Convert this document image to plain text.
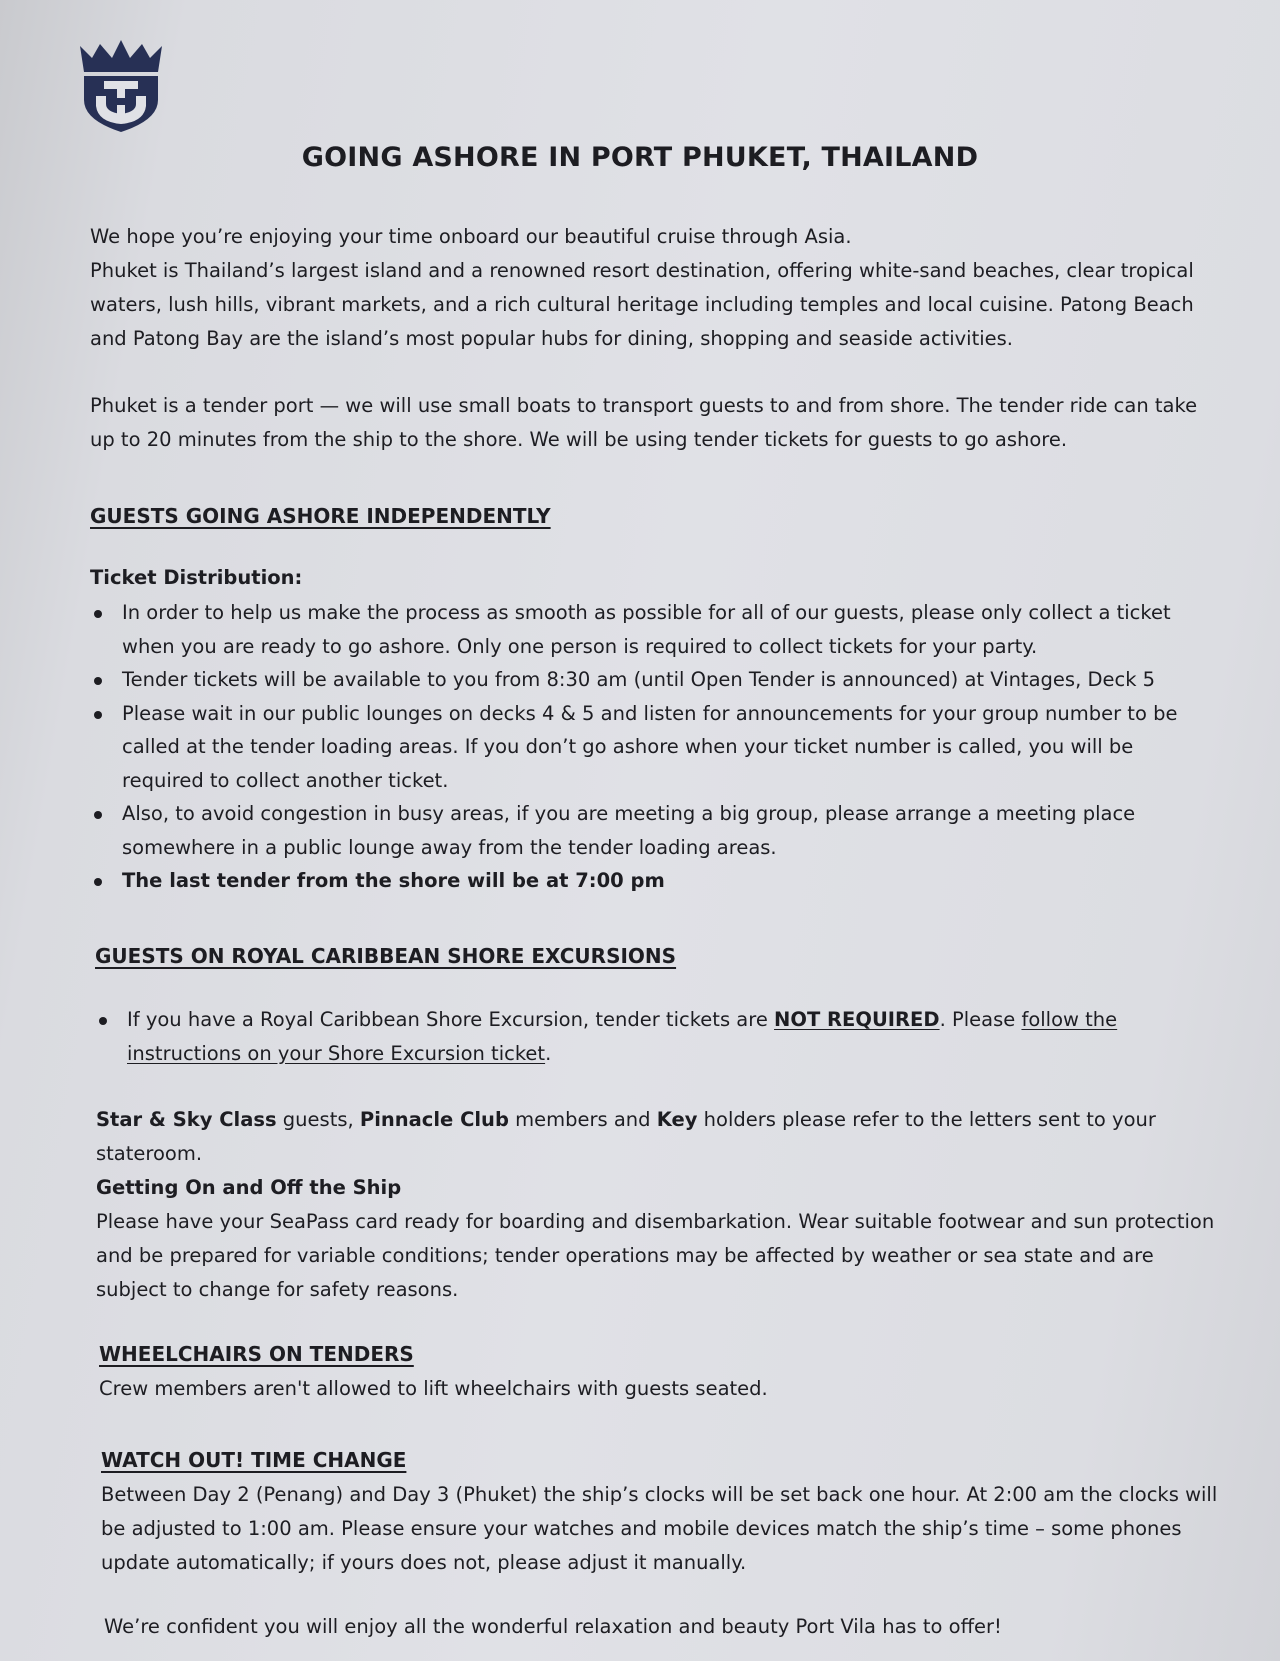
GOING ASHORE IN PORT PHUKET, THAILAND

We hope you’re enjoying your time onboard our beautiful cruise through Asia.

Phuket is Thailand’s largest island and a renowned resort destination, offering white-sand beaches, clear tropical waters, lush hills, vibrant markets, and a rich cultural heritage including temples and local cuisine. Patong Beach and Patong Bay are the island’s most popular hubs for dining, shopping and seaside activities.

Phuket is a tender port — we will use small boats to transport guests to and from shore. The tender ride can take up to 20 minutes from the ship to the shore. We will be using tender tickets for guests to go ashore.

GUESTS GOING ASHORE INDEPENDENTLY
Ticket Distribution:
In order to help us make the process as smooth as possible for all of our guests, please only collect a ticket when you are ready to go ashore. Only one person is required to collect tickets for your party.
Tender tickets will be available to you from 8:30 am (until Open Tender is announced) at Vintages, Deck 5
Please wait in our public lounges on decks 4 & 5 and listen for announcements for your group number to be called at the tender loading areas. If you don’t go ashore when your ticket number is called, you will be required to collect another ticket.
Also, to avoid congestion in busy areas, if you are meeting a big group, please arrange a meeting place somewhere in a public lounge away from the tender loading areas.
The last tender from the shore will be at 7:00 pm
GUESTS ON ROYAL CARIBBEAN SHORE EXCURSIONS
If you have a Royal Caribbean Shore Excursion, tender tickets are NOT REQUIRED. Please follow the instructions on your Shore Excursion ticket.

Star & Sky Class guests, Pinnacle Club members and Key holders please refer to the letters sent to your stateroom.

Getting On and Off the Ship

Please have your SeaPass card ready for boarding and disembarkation. Wear suitable footwear and sun protection and be prepared for variable conditions; tender operations may be affected by weather or sea state and are subject to change for safety reasons.

WHEELCHAIRS ON TENDERS

Crew members aren't allowed to lift wheelchairs with guests seated.

WATCH OUT! TIME CHANGE

Between Day 2 (Penang) and Day 3 (Phuket) the ship’s clocks will be set back one hour. At 2:00 am the clocks will be adjusted to 1:00 am. Please ensure your watches and mobile devices match the ship’s time – some phones update automatically; if yours does not, please adjust it manually.

We’re confident you will enjoy all the wonderful relaxation and beauty Port Vila has to offer!
